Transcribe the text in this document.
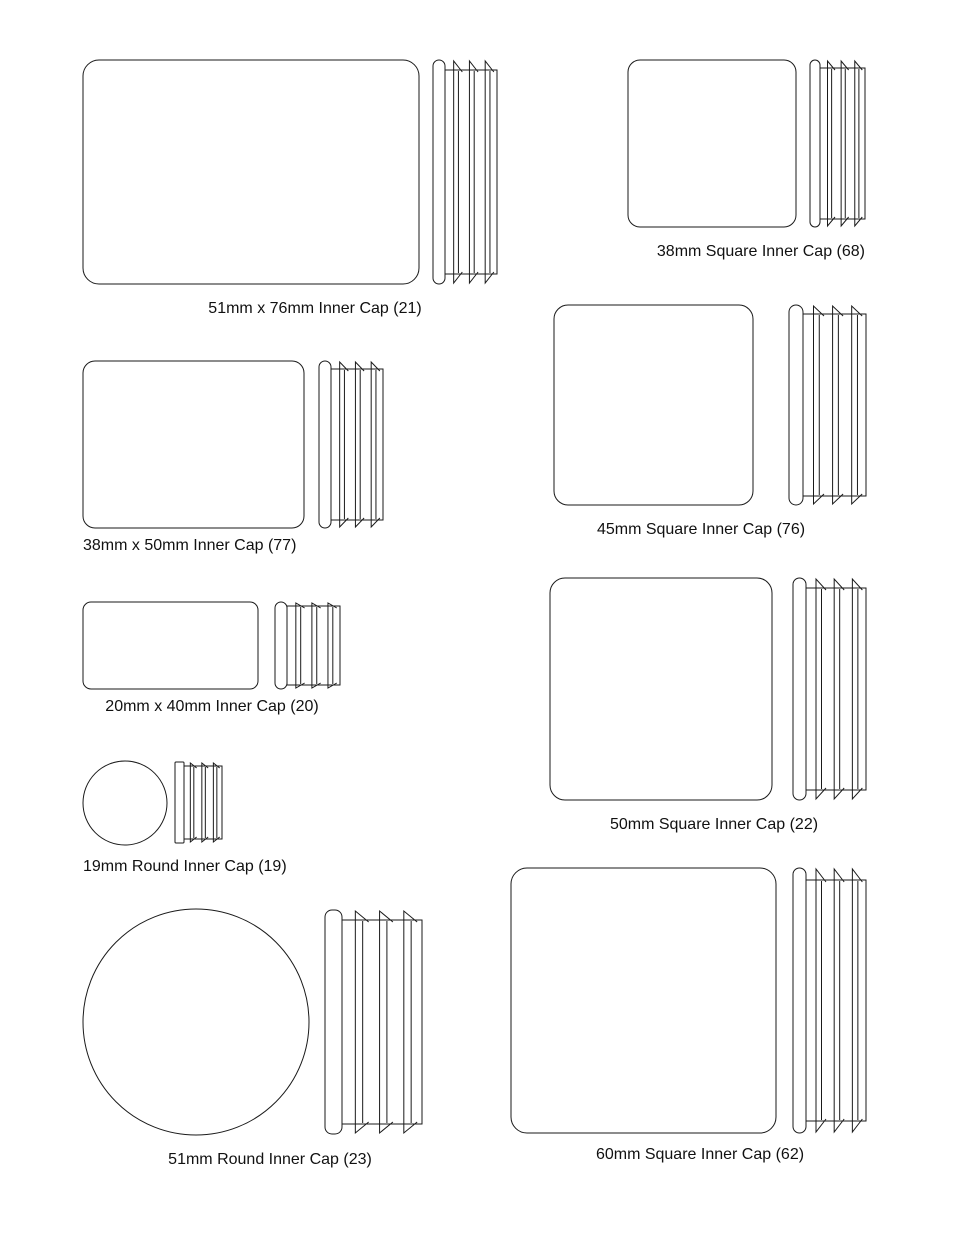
51mm x 76mm Inner Cap (21)
38mm x 50mm Inner Cap (77)
20mm x 40mm Inner Cap (20)
19mm Round Inner Cap (19)
51mm Round Inner Cap (23)
38mm Square Inner Cap (68)
45mm Square Inner Cap (76)
50mm Square Inner Cap (22)
60mm Square Inner Cap (62)
